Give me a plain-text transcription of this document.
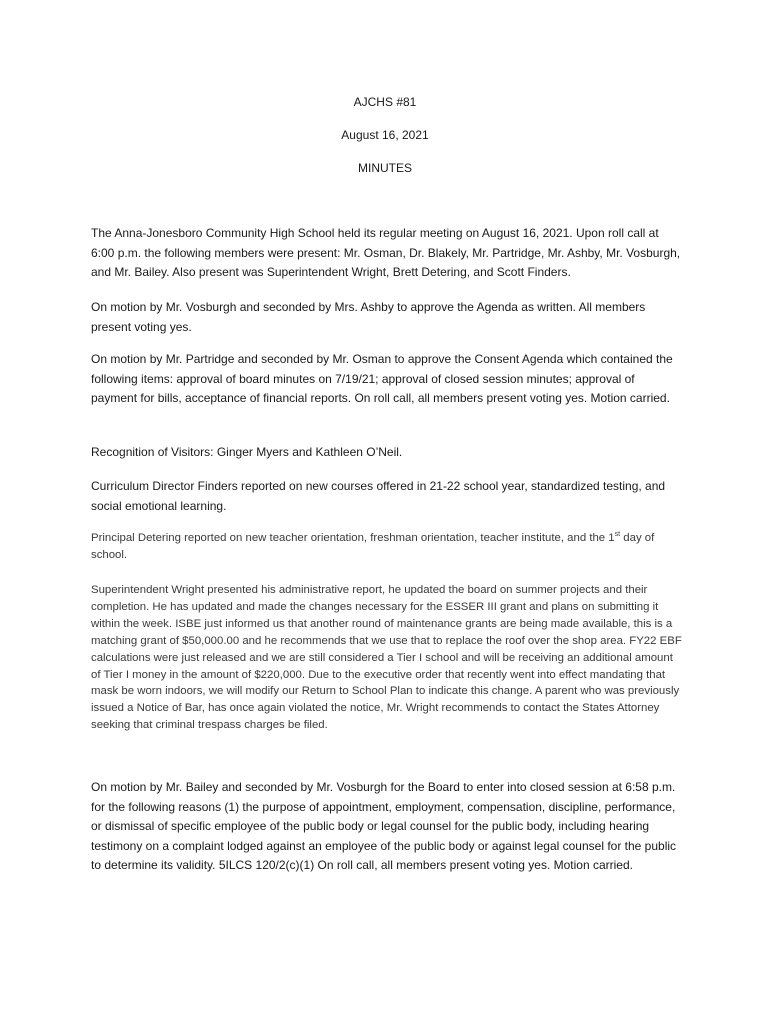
AJCHS #81
August 16, 2021
MINUTES

The Anna-Jonesboro Community High School held its regular meeting on August 16, 2021. Upon roll call at 6:00 p.m. the following members were present: Mr. Osman, Dr. Blakely, Mr. Partridge, Mr. Ashby, Mr. Vosburgh, and Mr. Bailey. Also present was Superintendent Wright, Brett Detering, and Scott Finders.

On motion by Mr. Vosburgh and seconded by Mrs. Ashby to approve the Agenda as written. All members present voting yes.

On motion by Mr. Partridge and seconded by Mr. Osman to approve the Consent Agenda which contained the following items: approval of board minutes on 7/19/21; approval of closed session minutes; approval of payment for bills, acceptance of financial reports. On roll call, all members present voting yes. Motion carried.

Recognition of Visitors: Ginger Myers and Kathleen O’Neil.

Curriculum Director Finders reported on new courses offered in 21-22 school year, standardized testing, and social emotional learning.

Principal Detering reported on new teacher orientation, freshman orientation, teacher institute, and the 1st day of school.

Superintendent Wright presented his administrative report, he updated the board on summer projects and their completion. He has updated and made the changes necessary for the ESSER III grant and plans on submitting it within the week. ISBE just informed us that another round of maintenance grants are being made available, this is a matching grant of $50,000.00 and he recommends that we use that to replace the roof over the shop area. FY22 EBF calculations were just released and we are still considered a Tier I school and will be receiving an additional amount of Tier I money in the amount of $220,000. Due to the executive order that recently went into effect mandating that mask be worn indoors, we will modify our Return to School Plan to indicate this change. A parent who was previously issued a Notice of Bar, has once again violated the notice, Mr. Wright recommends to contact the States Attorney seeking that criminal trespass charges be filed.

On motion by Mr. Bailey and seconded by Mr. Vosburgh for the Board to enter into closed session at 6:58 p.m. for the following reasons (1) the purpose of appointment, employment, compensation, discipline, performance, or dismissal of specific employee of the public body or legal counsel for the public body, including hearing testimony on a complaint lodged against an employee of the public body or against legal counsel for the public to determine its validity. 5ILCS 120/2(c)(1) On roll call, all members present voting yes. Motion carried.
